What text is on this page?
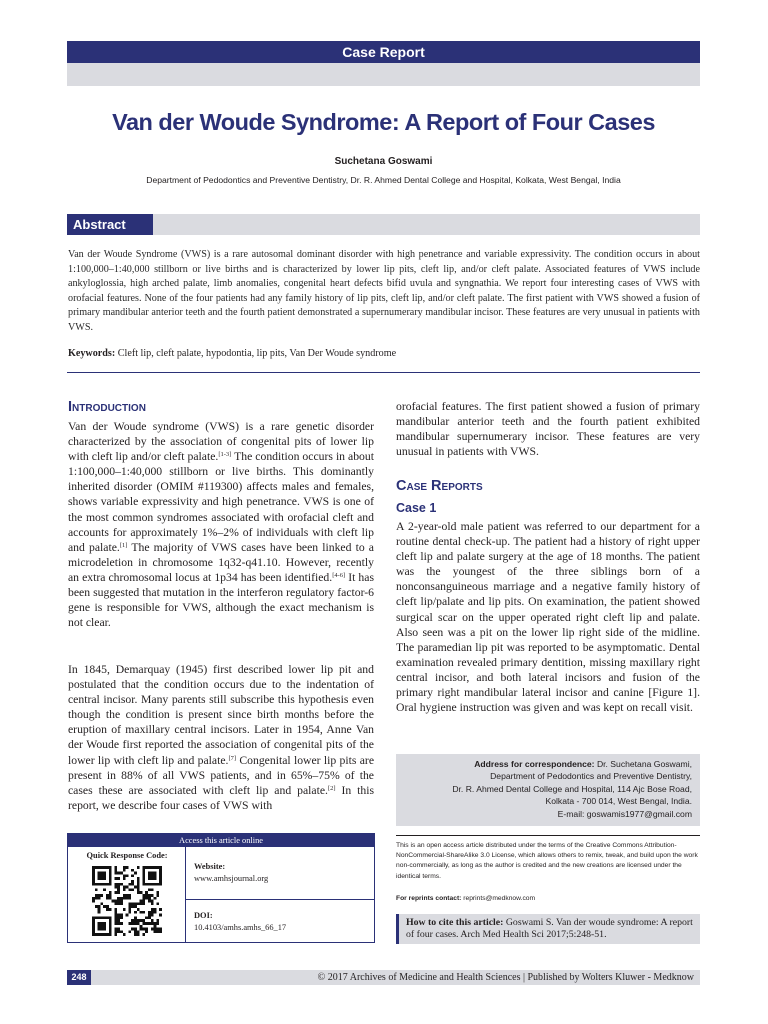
Case Report
Van der Woude Syndrome: A Report of Four Cases
Suchetana Goswami
Department of Pedodontics and Preventive Dentistry, Dr. R. Ahmed Dental College and Hospital, Kolkata, West Bengal, India
Abstract

Van der Woude Syndrome (VWS) is a rare autosomal dominant disorder with high penetrance and variable expressivity. The condition occurs in about 1:100,000–1:40,000 stillborn or live births and is characterized by lower lip pits, cleft lip, and/or cleft palate. Associated features of VWS include ankyloglossia, high arched palate, limb anomalies, congenital heart defects bifid uvula and syngnathia. We report four interesting cases of VWS with orofacial features. None of the four patients had any family history of lip pits, cleft lip, and/or cleft palate. The first patient with VWS showed a fusion of primary mandibular anterior teeth and the fourth patient demonstrated a supernumerary mandibular incisor. These features are very unusual in patients with VWS.

Keywords: Cleft lip, cleft palate, hypodontia, lip pits, Van Der Woude syndrome

Introduction

Van der Woude syndrome (VWS) is a rare genetic disorder characterized by the association of congenital pits of lower lip with cleft lip and/or cleft palate.[1-3] The condition occurs in about 1:100,000–1:40,000 stillborn or live births. This dominantly inherited disorder (OMIM #119300) affects males and females, shows variable expressivity and high penetrance. VWS is one of the most common syndromes associated with orofacial cleft and accounts for approximately 1%–2% of individuals with cleft lip and palate.[1] The majority of VWS cases have been linked to a microdeletion in chromosome 1q32-q41.10. However, recently an extra chromosomal locus at 1p34 has been identified.[4-6] It has been suggested that mutation in the interferon regulatory factor-6 gene is responsible for VWS, although the exact mechanism is not clear.

In 1845, Demarquay (1945) first described lower lip pit and postulated that the condition occurs due to the indentation of central incisor. Many parents still subscribe this hypothesis even though the condition is present since birth months before the eruption of maxillary central incisors. Later in 1954, Anne Van der Woude first reported the association of congenital pits of the lower lip with cleft lip and palate.[7] Congenital lower lip pits are present in 88% of all VWS patients, and in 65%–75% of the cases these are associated with cleft lip and palate.[2] In this report, we describe four cases of VWS with

orofacial features. The first patient showed a fusion of primary mandibular anterior teeth and the fourth patient exhibited mandibular supernumerary incisor. These features are very unusual in patients with VWS.

Case Reports
Case 1

A 2-year-old male patient was referred to our department for a routine dental check-up. The patient had a history of right upper cleft lip and palate surgery at the age of 18 months. The patient was the youngest of the three siblings born of a nonconsanguineous marriage and a negative family history of cleft lip/palate and lip pits. On examination, the patient showed surgical scar on the upper operated right cleft lip and palate. Also seen was a pit on the lower lip right side of the midline. The paramedian lip pit was reported to be asymptomatic. Dental examination revealed primary dentition, missing maxillary right central incisor, and both lateral incisors and fusion of the primary right mandibular lateral incisor and canine [Figure 1]. Oral hygiene instruction was given and was kept on recall visit.

Address for correspondence: Dr. Suchetana Goswami,
Department of Pedodontics and Preventive Dentistry,
Dr. R. Ahmed Dental College and Hospital, 114 Ajc Bose Road,
Kolkata - 700 014, West Bengal, India.
E-mail: goswamis1977@gmail.com
Access this article online
Quick Response Code:
Website:
www.amhsjournal.org
DOI:
10.4103/amhs.amhs_66_17

This is an open access article distributed under the terms of the Creative Commons Attribution-NonCommercial-ShareAlike 3.0 License, which allows others to remix, tweak, and build upon the work non-commercially, as long as the author is credited and the new creations are licensed under the identical terms.

For reprints contact: reprints@medknow.com

How to cite this article: Goswami S. Van der woude syndrome: A report of four cases. Arch Med Health Sci 2017;5:248-51.
248	© 2017 Archives of Medicine and Health Sciences | Published by Wolters Kluwer - Medknow
